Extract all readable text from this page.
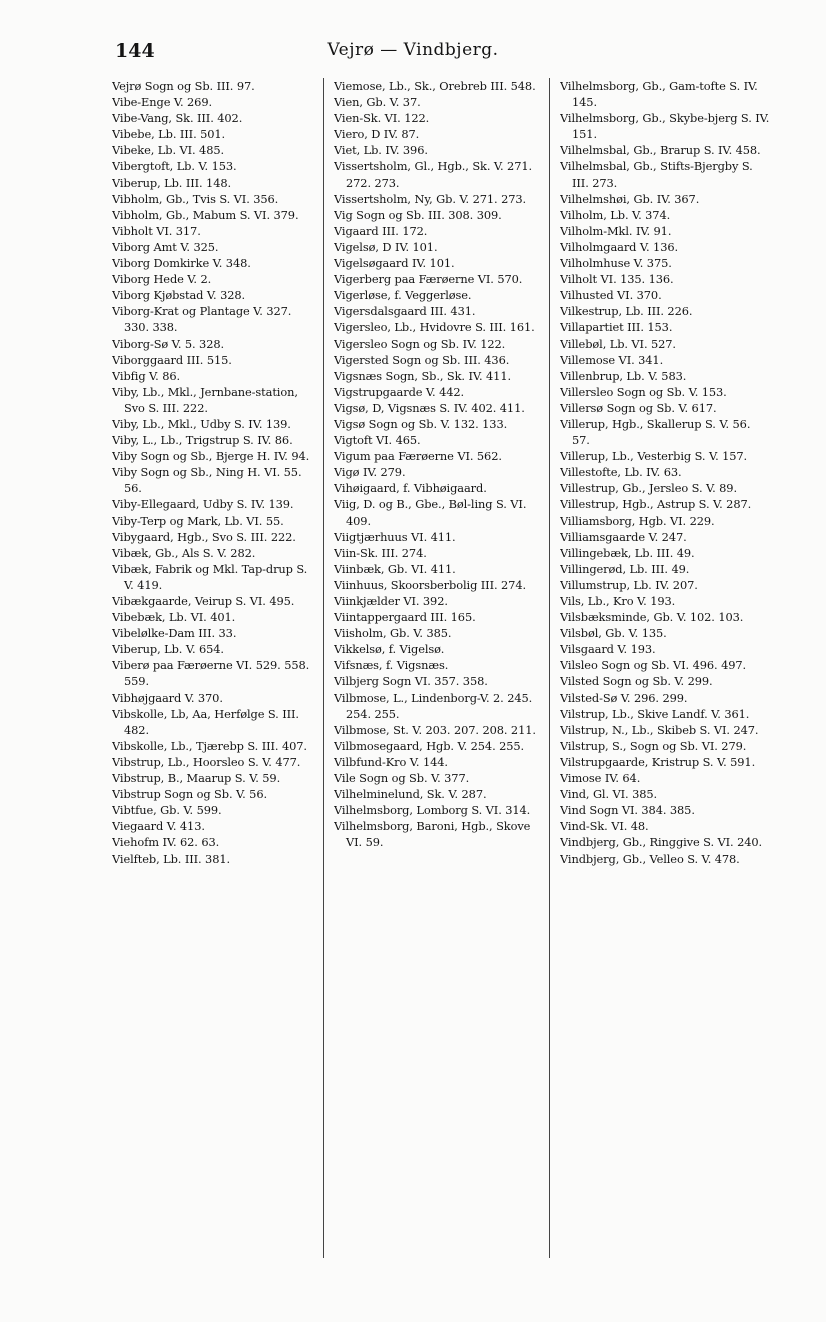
Vejrø — Vindbjerg.
144

Vejrø Sogn og Sb. III. 97.

Vibe-Enge V. 269.

Vibe-Vang, Sk. III. 402.

Vibebe, Lb. III. 501.

Vibeke, Lb. VI. 485.

Vibergtoft, Lb. V. 153.

Viberup, Lb. III. 148.

Vibholm, Gb., Tvis S. VI. 356.

Vibholm, Gb., Mabum S. VI. 379.

Vibholt VI. 317.

Viborg Amt V. 325.

Viborg Domkirke V. 348.

Viborg Hede V. 2.

Viborg Kjøbstad V. 328.

Viborg-Krat og Plantage V. 327. 330. 338.

Viborg-Sø V. 5. 328.

Viborggaard III. 515.

Vibfig V. 86.

Viby, Lb., Mkl., Jernbane-station, Svo S. III. 222.

Viby, Lb., Mkl., Udby S. IV. 139.

Viby, L., Lb., Trigstrup S. IV. 86.

Viby Sogn og Sb., Bjerge H. IV. 94.

Viby Sogn og Sb., Ning H. VI. 55. 56.

Viby-Ellegaard, Udby S. IV. 139.

Viby-Terp og Mark, Lb. VI. 55.

Vibygaard, Hgb., Svo S. III. 222.

Vibæk, Gb., Als S. V. 282.

Vibæk, Fabrik og Mkl. Tap-drup S. V. 419.

Vibækgaarde, Veirup S. VI. 495.

Vibebæk, Lb. VI. 401.

Vibelølke-Dam III. 33.

Viberup, Lb. V. 654.

Viberø paa Færøerne VI. 529. 558. 559.

Vibhøjgaard V. 370.

Vibskolle, Lb, Aa, Herfølge S. III. 482.

Vibskolle, Lb., Tjærebp S. III. 407.

Vibstrup, Lb., Hoorsleo S. V. 477.

Vibstrup, B., Maarup S. V. 59.

Vibstrup Sogn og Sb. V. 56.

Vibtfue, Gb. V. 599.

Viegaard V. 413.

Viehofm IV. 62. 63.

Vielfteb, Lb. III. 381.

Viemose, Lb., Sk., Orebreb III. 548.

Vien, Gb. V. 37.

Vien-Sk. VI. 122.

Viero, D IV. 87.

Viet, Lb. IV. 396.

Vissertsholm, Gl., Hgb., Sk. V. 271. 272. 273.

Vissertsholm, Ny, Gb. V. 271. 273.

Vig Sogn og Sb. III. 308. 309.

Vigaard III. 172.

Vigelsø, D IV. 101.

Vigelsøgaard IV. 101.

Vigerberg paa Færøerne VI. 570.

Vigerløse, f. Veggerløse.

Vigersdalsgaard III. 431.

Vigersleo, Lb., Hvidovre S. III. 161.

Vigersleo Sogn og Sb. IV. 122.

Vigersted Sogn og Sb. III. 436.

Vigsnæs Sogn, Sb., Sk. IV. 411.

Vigstrupgaarde V. 442.

Vigsø, D, Vigsnæs S. IV. 402. 411.

Vigsø Sogn og Sb. V. 132. 133.

Vigtoft VI. 465.

Vigum paa Færøerne VI. 562.

Vigø IV. 279.

Vihøigaard, f. Vibhøigaard.

Viig, D. og B., Gbe., Bøl-ling S. VI. 409.

Viigtjærhuus VI. 411.

Viin-Sk. III. 274.

Viinbæk, Gb. VI. 411.

Viinhuus, Skoorsberbolig III. 274.

Viinkjælder VI. 392.

Viintappergaard III. 165.

Viisholm, Gb. V. 385.

Vikkelsø, f. Vigelsø.

Vifsnæs, f. Vigsnæs.

Vilbjerg Sogn VI. 357. 358.

Vilbmose, L., Lindenborg-V. 2. 245. 254. 255.

Vilbmose, St. V. 203. 207. 208. 211.

Vilbmosegaard, Hgb. V. 254. 255.

Vilbfund-Kro V. 144.

Vile Sogn og Sb. V. 377.

Vilhelminelund, Sk. V. 287.

Vilhelmsborg, Lomborg S. VI. 314.

Vilhelmsborg, Baroni, Hgb., Skove VI. 59.

Vilhelmsborg, Gb., Gam-tofte S. IV. 145.

Vilhelmsborg, Gb., Skybe-bjerg S. IV. 151.

Vilhelmsbal, Gb., Brarup S. IV. 458.

Vilhelmsbal, Gb., Stifts-Bjergby S. III. 273.

Vilhelmshøi, Gb. IV. 367.

Vilholm, Lb. V. 374.

Vilholm-Mkl. IV. 91.

Vilholmgaard V. 136.

Vilholmhuse V. 375.

Vilholt VI. 135. 136.

Vilhusted VI. 370.

Vilkestrup, Lb. III. 226.

Villapartiet III. 153.

Villebøl, Lb. VI. 527.

Villemose VI. 341.

Villenbrup, Lb. V. 583.

Villersleo Sogn og Sb. V. 153.

Villersø Sogn og Sb. V. 617.

Villerup, Hgb., Skallerup S. V. 56. 57.

Villerup, Lb., Vesterbig S. V. 157.

Villestofte, Lb. IV. 63.

Villestrup, Gb., Jersleo S. V. 89.

Villestrup, Hgb., Astrup S. V. 287.

Villiamsborg, Hgb. VI. 229.

Villiamsgaarde V. 247.

Villingebæk, Lb. III. 49.

Villingerød, Lb. III. 49.

Villumstrup, Lb. IV. 207.

Vils, Lb., Kro V. 193.

Vilsbæksminde, Gb. V. 102. 103.

Vilsbøl, Gb. V. 135.

Vilsgaard V. 193.

Vilsleo Sogn og Sb. VI. 496. 497.

Vilsted Sogn og Sb. V. 299.

Vilsted-Sø V. 296. 299.

Vilstrup, Lb., Skive Landf. V. 361.

Vilstrup, N., Lb., Skibeb S. VI. 247.

Vilstrup, S., Sogn og Sb. VI. 279.

Vilstrupgaarde, Kristrup S. V. 591.

Vimose IV. 64.

Vind, Gl. VI. 385.

Vind Sogn VI. 384. 385.

Vind-Sk. VI. 48.

Vindbjerg, Gb., Ringgive S. VI. 240.

Vindbjerg, Gb., Velleo S. V. 478.
